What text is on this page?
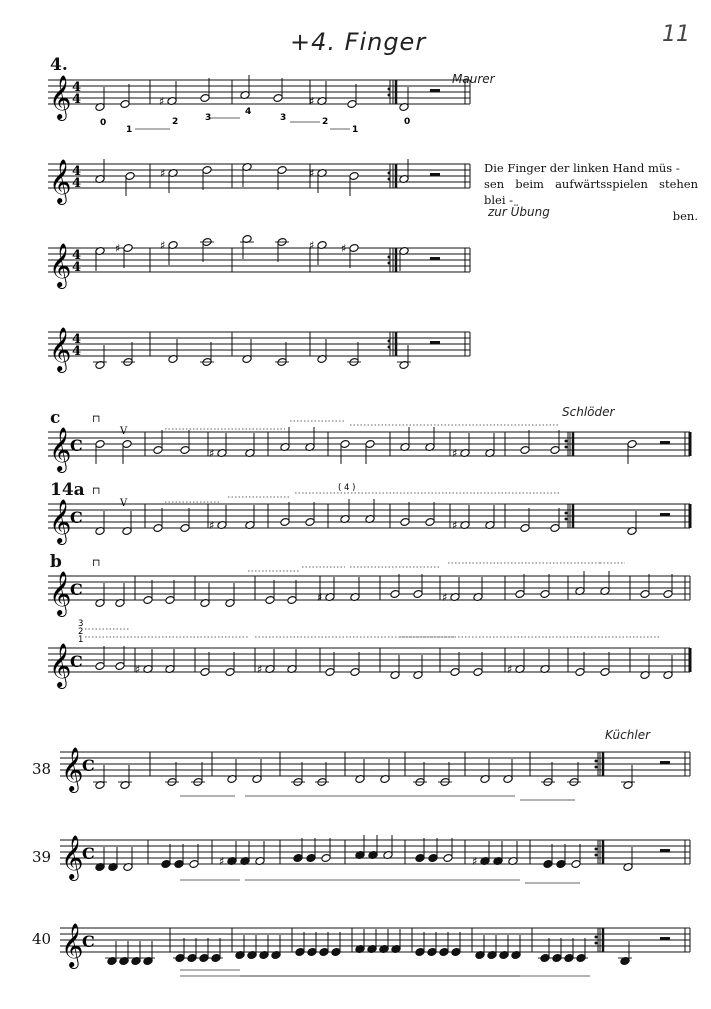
+4. Finger	11
4.
Maurer
c	Schlöder
14a
b
38
Küchler
39
40
Die Finger der linken Hand müs -
sen beim aufwärtsspielen stehen blei -
ben.
zur Übung
𝄞 4
4	♯	♯
𝄞 4
4
♯	♯
𝄞 4
4
♯	♯	♯ ♯
𝄞 4
4
𝄞
C	♯	♯
𝄞
C	♯	♯
𝄞
C	♯	♯
𝄞
C	♯	♯	♯
𝄞
C
𝄞
C	♯	♯
𝄞
C
⊓
V
⊓
V
⊓
0
1
2	3
4
3	2
1
0
( 4 )
3
2
1
